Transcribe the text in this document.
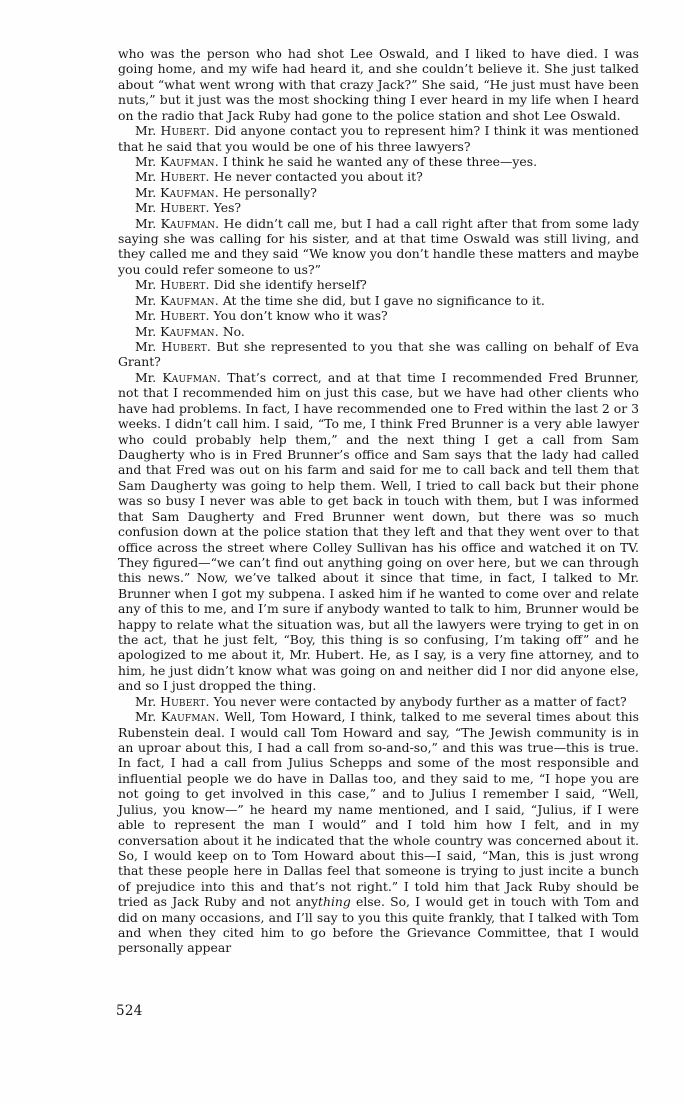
who was the person who had shot Lee Oswald, and I liked to have died. I was going home, and my wife had heard it, and she couldn’t believe it. She just talked about “what went wrong with that crazy Jack?” She said, “He just must have been nuts,” but it just was the most shocking thing I ever heard in my life when I heard on the radio that Jack Ruby had gone to the police station and shot Lee Oswald.

Mr. Hubert. Did anyone contact you to represent him? I think it was mentioned that he said that you would be one of his three lawyers?

Mr. Kaufman. I think he said he wanted any of these three—yes.

Mr. Hubert. He never contacted you about it?

Mr. Kaufman. He personally?

Mr. Hubert. Yes?

Mr. Kaufman. He didn’t call me, but I had a call right after that from some lady saying she was calling for his sister, and at that time Oswald was still living, and they called me and they said “We know you don’t handle these matters and maybe you could refer someone to us?”

Mr. Hubert. Did she identify herself?

Mr. Kaufman. At the time she did, but I gave no significance to it.

Mr. Hubert. You don’t know who it was?

Mr. Kaufman. No.

Mr. Hubert. But she represented to you that she was calling on behalf of Eva Grant?

Mr. Kaufman. That’s correct, and at that time I recommended Fred Brunner, not that I recommended him on just this case, but we have had other clients who have had problems. In fact, I have recommended one to Fred within the last 2 or 3 weeks. I didn’t call him. I said, “To me, I think Fred Brunner is a very able lawyer who could probably help them,” and the next thing I get a call from Sam Daugherty who is in Fred Brunner’s office and Sam says that the lady had called and that Fred was out on his farm and said for me to call back and tell them that Sam Daugherty was going to help them. Well, I tried to call back but their phone was so busy I never was able to get back in touch with them, but I was informed that Sam Daugherty and Fred Brunner went down, but there was so much confusion down at the police station that they left and that they went over to that office across the street where Colley Sullivan has his office and watched it on TV. They figured—“we can’t find out anything going on over here, but we can through this news.” Now, we’ve talked about it since that time, in fact, I talked to Mr. Brunner when I got my subpena. I asked him if he wanted to come over and relate any of this to me, and I’m sure if anybody wanted to talk to him, Brunner would be happy to relate what the situation was, but all the lawyers were trying to get in on the act, that he just felt, “Boy, this thing is so confusing, I’m taking off” and he apologized to me about it, Mr. Hubert. He, as I say, is a very fine attorney, and to him, he just didn’t know what was going on and neither did I nor did anyone else, and so I just dropped the thing.

Mr. Hubert. You never were contacted by anybody further as a matter of fact?

Mr. Kaufman. Well, Tom Howard, I think, talked to me several times about this Rubenstein deal. I would call Tom Howard and say, “The Jewish community is in an uproar about this, I had a call from so-and-so,” and this was true—this is true. In fact, I had a call from Julius Schepps and some of the most responsible and influential people we do have in Dallas too, and they said to me, “I hope you are not going to get involved in this case,” and to Julius I remember I said, “Well, Julius, you know—” he heard my name mentioned, and I said, “Julius, if I were able to represent the man I would” and I told him how I felt, and in my conversation about it he indicated that the whole country was concerned about it. So, I would keep on to Tom Howard about this—I said, “Man, this is just wrong that these people here in Dallas feel that someone is trying to just incite a bunch of prejudice into this and that’s not right.” I told him that Jack Ruby should be tried as Jack Ruby and not anything else. So, I would get in touch with Tom and did on many occasions, and I’ll say to you this quite frankly, that I talked with Tom and when they cited him to go before the Grievance Committee, that I would personally appear

524
